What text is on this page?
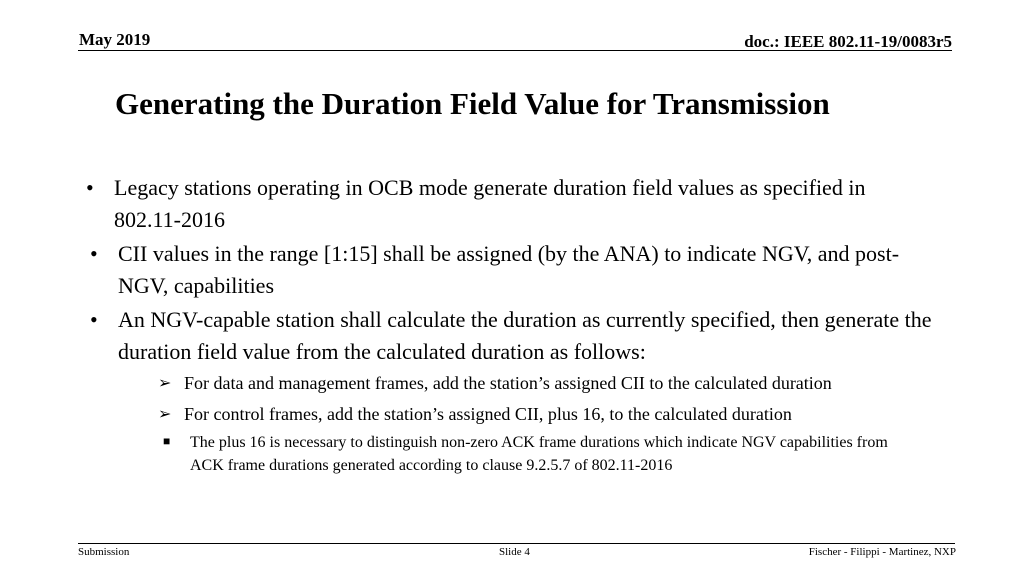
May 2019	doc.: IEEE 802.11-19/0083r5
Generating the Duration Field Value for Transmission
• Legacy stations operating in OCB mode generate duration field values as specified in 802.11-2016
• CII values in the range [1:15] shall be assigned (by the ANA) to indicate NGV, and post-NGV, capabilities
• An NGV-capable station shall calculate the duration as currently specified, then generate the duration field value from the calculated duration as follows:
➢ For data and management frames, add the station’s assigned CII to the calculated duration
➢ For control frames, add the station’s assigned CII, plus 16, to the calculated duration
■ The plus 16 is necessary to distinguish non-zero ACK frame durations which indicate NGV capabilities from ACK frame durations generated according to clause 9.2.5.7 of 802.11-2016
Submission	Slide 4	Fischer - Filippi - Martinez, NXP
